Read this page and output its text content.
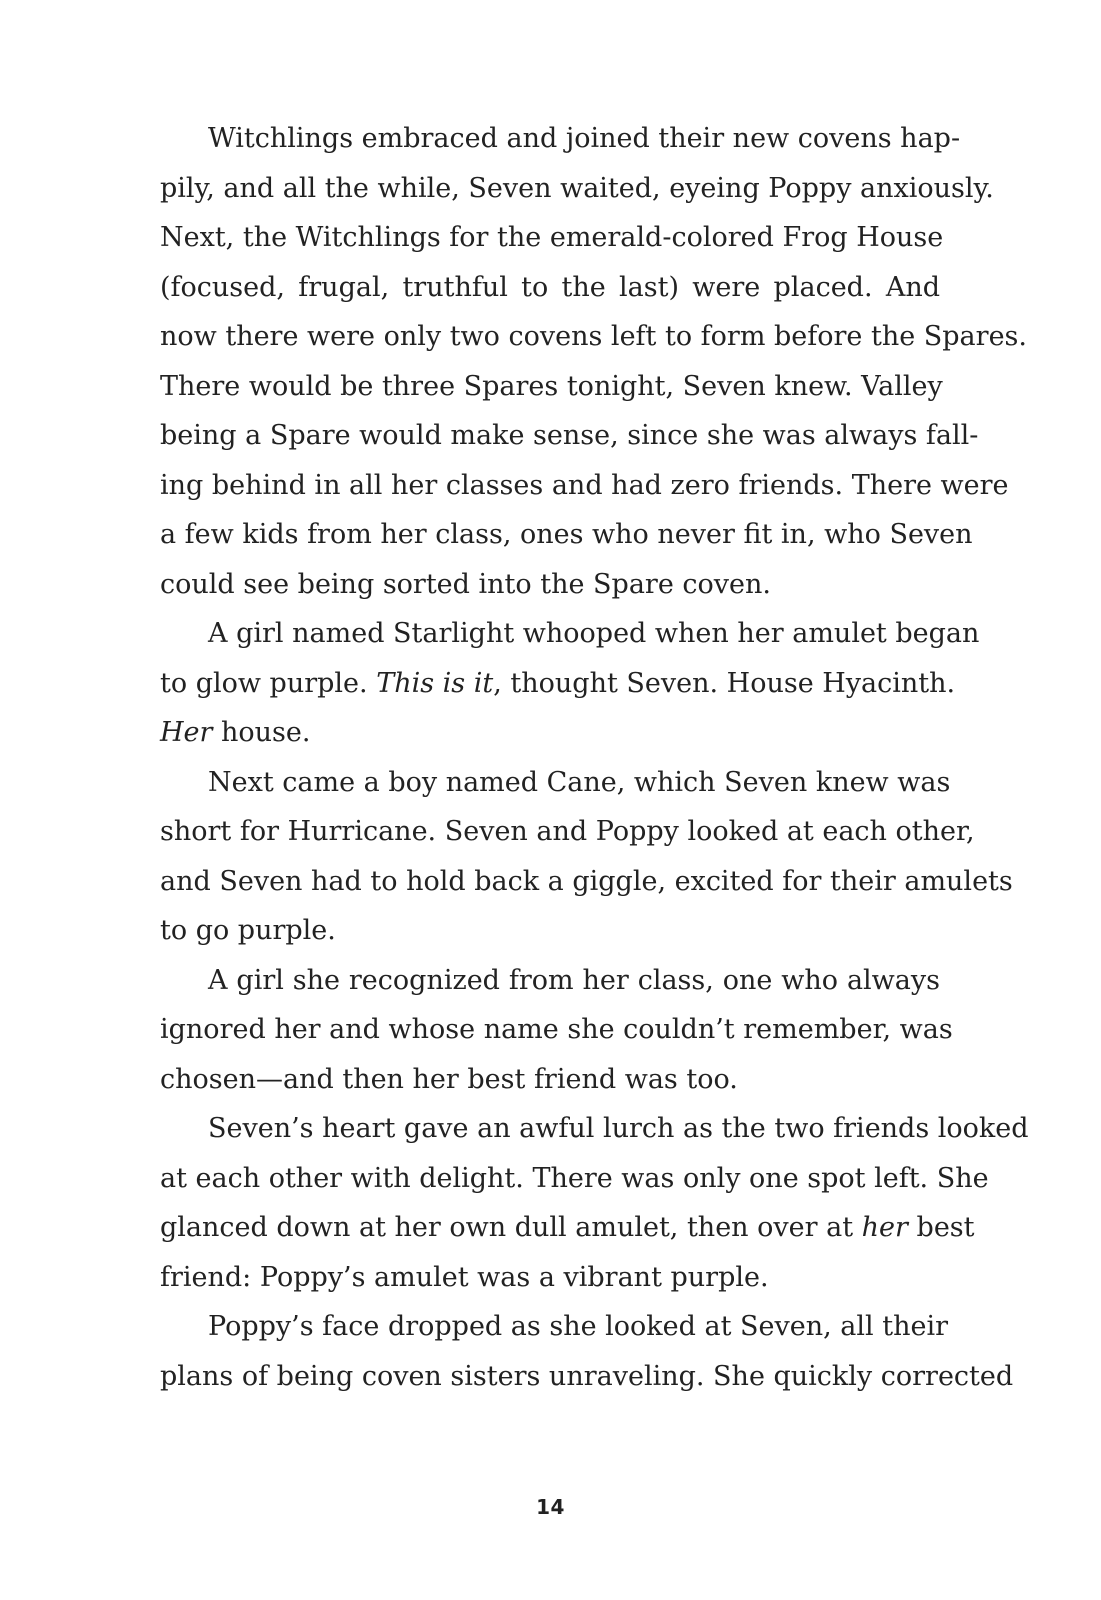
Witchlings embraced and joined their new covens hap-
pily, and all the while, Seven waited, eyeing Poppy anxiously.
Next, the Witchlings for the emerald-colored Frog House
(focused, frugal, truthful to the last) were placed. And
now there were only two covens left to form before the Spares.
There would be three Spares tonight, Seven knew. Valley
being a Spare would make sense, since she was always fall-
ing behind in all her classes and had zero friends. There were
a few kids from her class, ones who never fit in, who Seven
could see being sorted into the Spare coven.
A girl named Starlight whooped when her amulet began
to glow purple. This is it, thought Seven. House Hyacinth.
Her house.
Next came a boy named Cane, which Seven knew was
short for Hurricane. Seven and Poppy looked at each other,
and Seven had to hold back a giggle, excited for their amulets
to go purple.
A girl she recognized from her class, one who always
ignored her and whose name she couldn’t remember, was
chosen—and then her best friend was too.
Seven’s heart gave an awful lurch as the two friends looked
at each other with delight. There was only one spot left. She
glanced down at her own dull amulet, then over at her best
friend: Poppy’s amulet was a vibrant purple.
Poppy’s face dropped as she looked at Seven, all their
plans of being coven sisters unraveling. She quickly corrected
14
